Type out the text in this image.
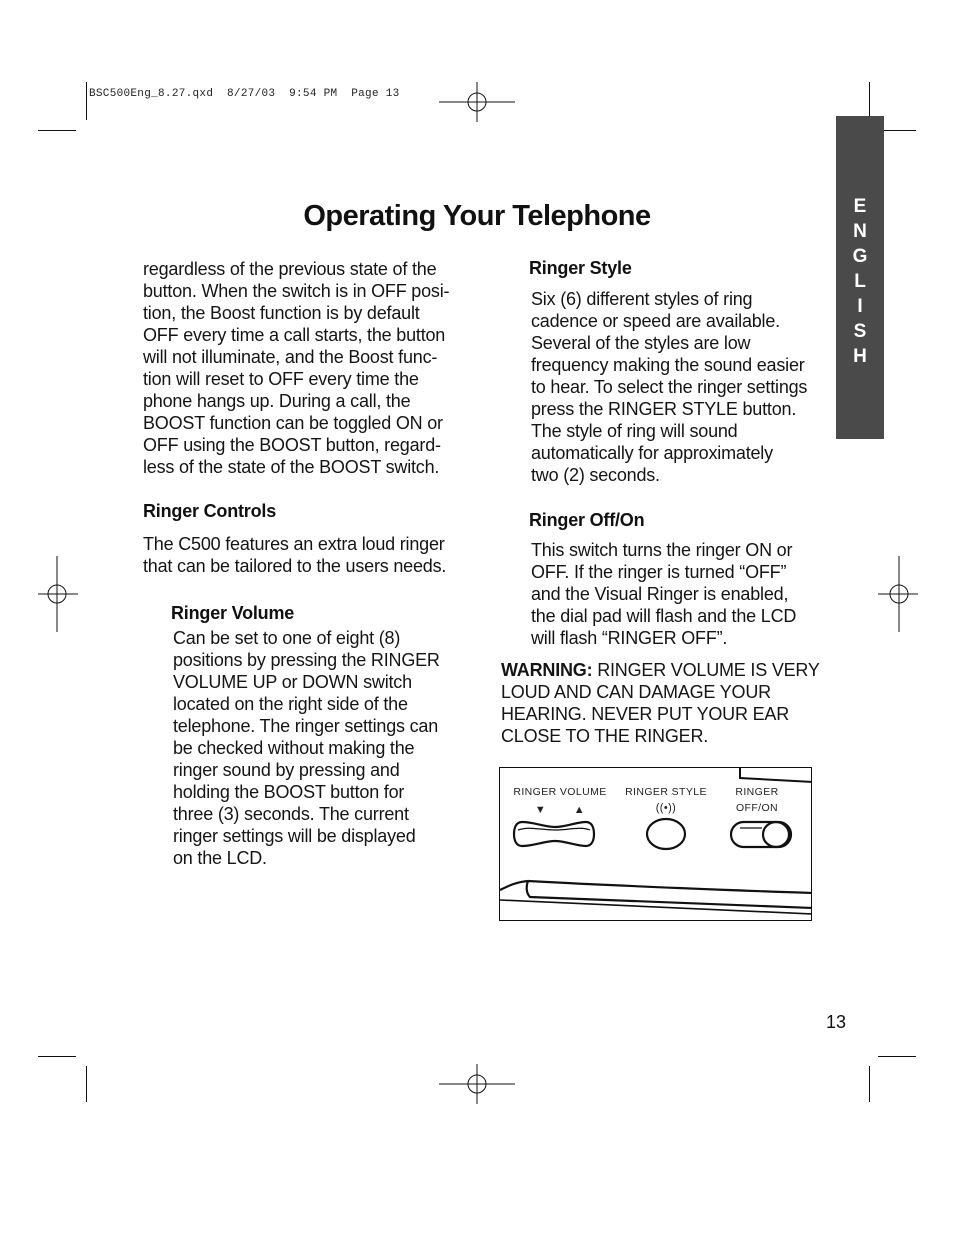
BSC500Eng_8.27.qxd  8/27/03  9:54 PM  Page 13
E
N
G
L
I
S
H
Operating Your Telephone

regardless of the previous state of the

button. When the switch is in OFF posi-

tion, the Boost function is by default

OFF every time a call starts, the button

will not illuminate, and the Boost func-

tion will reset to OFF every time the

phone hangs up. During a call, the

BOOST function can be toggled ON or

OFF using the BOOST button, regard-

less of the state of the BOOST switch.

Ringer Controls

The C500 features an extra loud ringer

that can be tailored to the users needs.

Ringer Volume

Can be set to one of eight (8)

positions by pressing the RINGER

VOLUME UP or DOWN switch

located on the right side of the

telephone. The ringer settings can

be checked without making the

ringer sound by pressing and

holding the BOOST button for

three (3) seconds. The current

ringer settings will be displayed

on the LCD.

Ringer Style

Six (6) different styles of ring

cadence or speed are available.

Several of the styles are low

frequency making the sound easier

to hear. To select the ringer settings

press the RINGER STYLE button.

The style of ring will sound

automatically for approximately

two (2) seconds.

Ringer Off/On

This switch turns the ringer ON or

OFF. If the ringer is turned “OFF”

and the Visual Ringer is enabled,

the dial pad will flash and the LCD

will flash “RINGER OFF”.

WARNING: RINGER VOLUME IS VERY

LOUD AND CAN DAMAGE YOUR

HEARING. NEVER PUT YOUR EAR

CLOSE TO THE RINGER.

RINGER VOLUME
▼        ▲
RINGER STYLE
((•))
RINGER
OFF/ON
13
